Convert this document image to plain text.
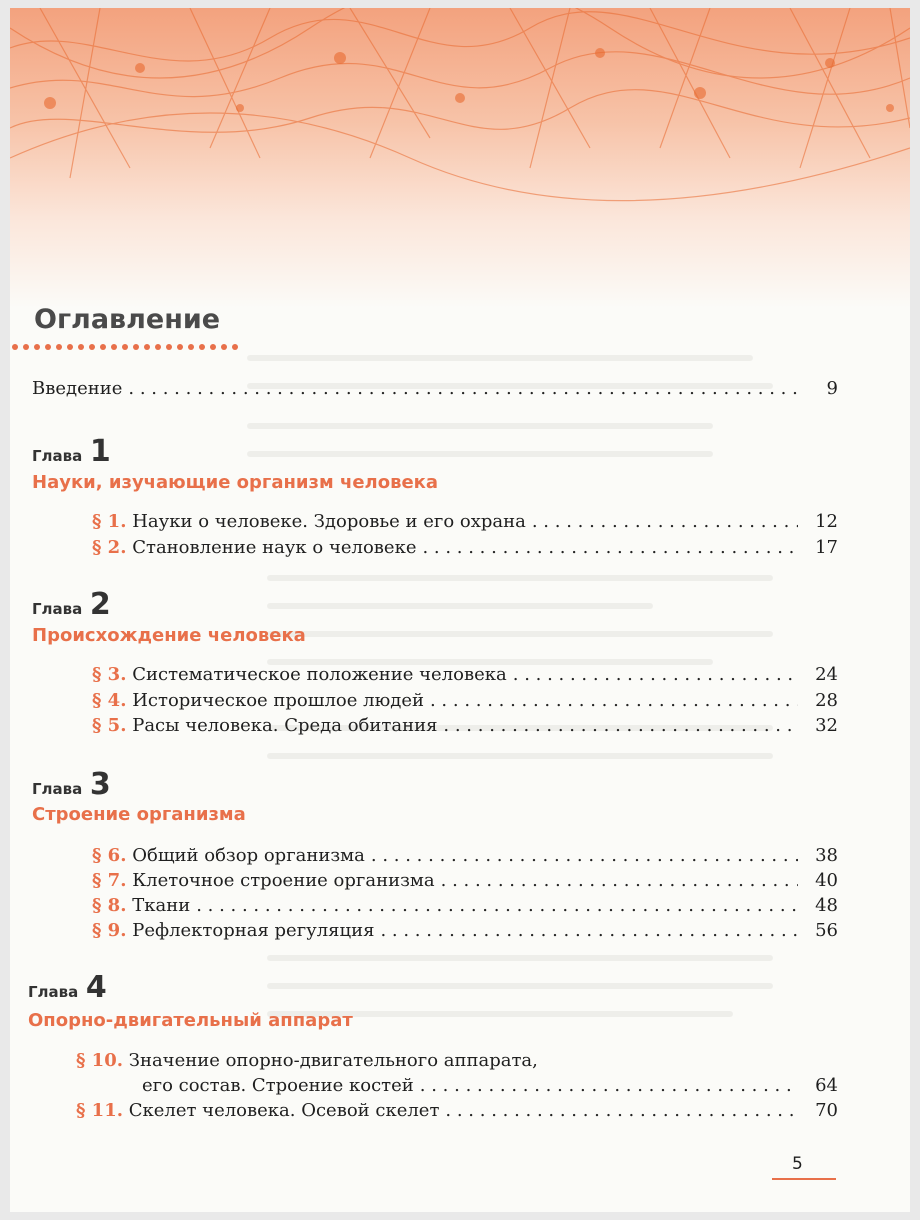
Оглавление
Введение . . .	9
Глава 1
Науки, изучающие организм человека
§ 1. Науки о человеке. Здоровье и его охрана . . .	12
§ 2. Становление наук о человеке . . .	17
Глава 2
Происхождение человека
§ 3. Систематическое положение человека . . .	24
§ 4. Историческое прошлое людей . . .	28
§ 5. Расы человека. Среда обитания . . .	32
Глава 3
Строение организма
§ 6. Общий обзор организма . . .	38
§ 7. Клеточное строение организма . . .	40
§ 8. Ткани . . .	48
§ 9. Рефлекторная регуляция . . .	56
Глава 4
Опорно-двигательный аппарат
§ 10. Значение опорно-двигательного аппарата,
его состав. Строение костей . . .	64
§ 11. Скелет человека. Осевой скелет . . .	70
5
